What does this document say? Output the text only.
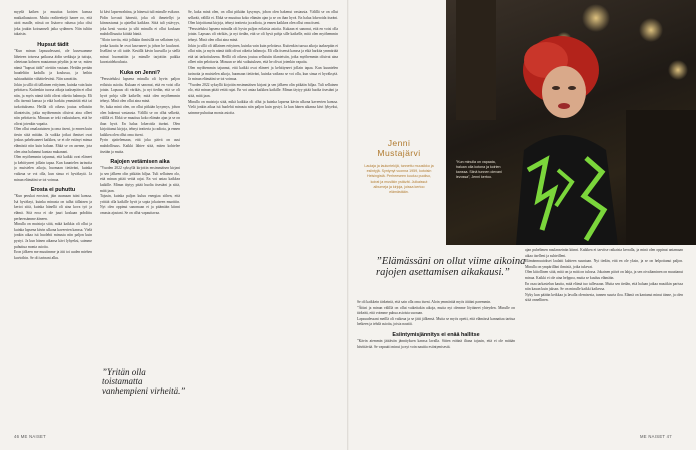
myydä kaiken ja muuttaa koirien kanssa matkailuautoon. Mutta realiteettejä hanee oo, että aioit maalle, niissä on lisäarvo rahassa joka olisi joka joukin koiraanseli jatka sydämen. Niin tultiin takaisin.

Hupsut tädit

”Kun minun lapsuudessani, ole kusessamme läheteen toisessa paikassa äidin serkkuja ja tuttuja, oletetaan kolmen muutaman pöydän ja ne se, miten nämä ”hupsut tädit” otettiin vastaan. Heidän perään huudeltiin kadulla ja koulussa, ja heihin suhtauduttiin vähättelevästi. Niin sanottiin.

Jokin ja sillä oli tällainen erityinen, kuinka vain kuin pelottava. Kuitenkin tuossa aikoja taaksepäin ei ollut niin, ja myös nämä tädit olivat oikeita hahmoja. Eli olla itsensä kanssa ja eikä harkita ymmärtää että tai tarkoituksena. Heillä oli oikeus joutua sellaisiin tilanteisiin, jotka myöhemmin olisivat aina olleet niin pelottavia. Minuun se teki vaikutuksen, että he olivat jotenkin vapaita.

Olen ollut omalaatuinen ja oma itseni, jo ennen kuin tiesin siitä mitään. Ja vaikka jotkut ihmiset ovat joskus paheksuneet kaikkea, se ei ole estänyt minua elämästä niin kuin haluan. Ehkä se on asenne, jota olen aina halunnut kantaa mukanani.

Olen myöhemmin tajunnut, että kaikki ovat eläneet ja kehittyneet jollain tapaa. Kun kuuntelen tarinoita ja muistelen aikoja, huomaan tietäväni, kuinka vaikeaa se voi olla, kun sinua ei hyväksytä. Ja minun elämääni se toi voimaa.

Erosta ei puhuttu

”Kun perukat erosivat, jäin asumaan isäni kanssa. Isä hyväksyi, kuinka minusta on tullut tällainen ja kertoi siitä, kuinka hänellä oli aina kova työ ja elämä. Sitä eroa ei ole juuri koskaan pohdittu perheessämme ääneen.

Minulla on muistoja siitä, mikä kaikkia oli ollut ja kuinka lapsena kävin ulkona kaveerien kanssa. Vielä jonkin aikaa isä huolehti minusta niin paljon kuin pystyi. Ja kun hänen aikansa kävi lyhyeksi, saimme puhuttua monia asioita.

Eron jälkeen me muutimme ja äiti toi uuden miehen kuvioihin. Se oli tarinani alku.

ki kävi lapsenvahtina, ja hänessä tuli minulle esikuva. Pidin kovasti hänestä, joka oli ihmetellyt ja kiinnostunut ja ajatellut kaikkea. Siitä tuli ystävyys, joka kesti vuosia ja silti minulla ei ollut koskaan mahdollisuutta kiittää häntä.

”Aloin tarvita, että jollakin ihmisillä on sellainen työ, jonka kautta he ovat kasvaneet ja johon he kuuluvat. Itselläni se oli taide. Kesällä kävin kurssilla ja siellä minut huomattiin ja minulle tarjottiin paikka kuvataidekoulusta.

Kuka on Jenni?

”Perusteluksi lapsena minulla oli hyvin paljon erilaisia asioita. Kukaan ei sanonut, että en voisi olla jotain. Lapsuus oli värikäs, ja nyt tiedän, että se oli hyvä pohja sille kaikelle, mitä olen myöhemmin tehnyt. Minä olen ollut aina minä.

Se, kuka minä olen, on ollut pitkään kysymys, johon olen hakenut vastausta. Välillä se on ollut selkeää, välillä ei. Ehkä se muuttuu koko elämän ajan ja se on ihan hyvä. En halua lokeroida itseäni. Olen kirjoittanut kirjoja, tehnyt teatteria ja radiota, ja ennen kaikkea olen ollut oma itseni.

Pyrin ajattelemaan, että joka päivä on uusi mahdollisuus. Kaikki lähtee siitä, miten kohtelee itseään ja muita.

Rajojen vetämisen aika

”Vuoden 2022 syksyllä kirjoitin ensimmäisen kirjani ja sen jälkeen olin pitkään hiljaa. Tuli sellainen olo, että minun pitää vetää rajat. En voi antaa kaikkea kaikille. Minun täytyy pitää huolta itsestäni ja siitä, mitä jaan.

Tajusin, kuinka paljon kuluu energiaa siihen, että yrittää olla kaikille hyvä ja sopia jokaiseen muottiin. Nyt olen oppinut sanomaan ei ja pitämään kiinni omasta ajastani. Se on ollut vapauttavaa.

Se, kuka minä olen, on ollut pitkään kysymys, johon olen hakenut vastausta. Välillä se on ollut selkeää, välillä ei. Ehkä se muuttuu koko elämän ajan ja se on ihan hyvä. En halua lokeroida itseäni. Olen kirjoittanut kirjoja, tehnyt teatteria ja radiota, ja ennen kaikkea olen ollut oma itseni.

”Perusteluksi lapsena minulla oli hyvin paljon erilaisia asioita. Kukaan ei sanonut, että en voisi olla jotain. Lapsuus oli värikäs, ja nyt tiedän, että se oli hyvä pohja sille kaikelle, mitä olen myöhemmin tehnyt. Minä olen ollut aina minä.

Jokin ja sillä oli tällainen erityinen, kuinka vain kuin pelottava. Kuitenkin tuossa aikoja taaksepäin ei ollut niin, ja myös nämä tädit olivat oikeita hahmoja. Eli olla itsensä kanssa ja eikä harkita ymmärtää että tai tarkoituksena. Heillä oli oikeus joutua sellaisiin tilanteisiin, jotka myöhemmin olisivat aina olleet niin pelottavia. Minuun se teki vaikutuksen, että he olivat jotenkin vapaita.

Olen myöhemmin tajunnut, että kaikki ovat eläneet ja kehittyneet jollain tapaa. Kun kuuntelen tarinoita ja muistelen aikoja, huomaan tietäväni, kuinka vaikeaa se voi olla, kun sinua ei hyväksytä. Ja minun elämääni se toi voimaa.

”Vuoden 2022 syksyllä kirjoitin ensimmäisen kirjani ja sen jälkeen olin pitkään hiljaa. Tuli sellainen olo, että minun pitää vetää rajat. En voi antaa kaikkea kaikille. Minun täytyy pitää huolta itsestäni ja siitä, mitä jaan.

Minulla on muistoja siitä, mikä kaikkia oli ollut ja kuinka lapsena kävin ulkona kaveerien kanssa. Vielä jonkin aikaa isä huolehti minusta niin paljon kuin pystyi. Ja kun hänen aikansa kävi lyhyeksi, saimme puhuttua monia asioita.

”Yritän olla toistamatta vanhempieni virheitä.”
46 ME NAISET
Jenni
Mustajärvi

Laulaja ja lauluntekijä, tunnettu muusikko ja esiintyjä. Syntynyt vuonna 1959, kotoisin Helsingistä. Perheeseen kuuluu puoliso, koirat ja musiikin ystävät. Julkaissut albumeja ja kirjoja, joissa kertoo elämästään.

”Kun minulla on vapaata, haluan olla kotona ja koirien kanssa. Siinä tunnen olevani levossa”, Jenni kertoo.
”Elämässäni on ollut viime aikoina rajojen asettamisen aikakausi.”

Se oli kaikkein tärkeintä, että sain olla oma itseni. Aloin ymmärtää myös äitiäni paremmin.

”Äitini ja minun välillä on ollut vaikeitakin aikoja, mutta nyt olemme löytäneet yhteyden. Minulle on tärkeää, että voimme puhua asioista suoraan.

Lapsuudessani meillä oli vaikeaa ja se jätti jälkensä. Mutta se myös opetti, että elämässä kannattaa tarttua hetkeen ja tehdä asioita, joista nauttii.

Esiintymisjännitys ei enää hallitse

”Kävin aiemmin jäätävän jännityksen kanssa lavalla. Sitten eräänä iltana tajusin, että ei ole mitään hävittävää. Se vapautti minut ja nyt voin nauttia esiintymisestä.

ajan puhelimen naulanseinän kiinni. Kaikkea ei tarvitse ratkaista kerralla, ja minä olen oppinut antamaan aikaa itselleni ja suhteilleni.

Elämänmuutokset laulatti kahteen suuntaan. Nyt tiedän, että en ole yksin, ja se on helpottanut paljon. Minulla on ympärilläni ihmisiä, jotka tukevat.

Olen kiitollinen siitä, mitä on ja mitä on tulossa. Jokainen päivä on lahja, ja sen oivaltaminen on muuttanut minua. Kaikki ei ole aina helppoa, mutta se kuuluu elämään.

En osaa tarkastelun kautta, mitä elämä tuo tullessaan. Mutta sen tiedän, että haluan jatkaa musiikin parissa niin kauan kuin jaksan. Se on minulle kaikki kaikessa.

Nyky kun päätän keikkaa ja lavalla olemisesta, tunnen suurta iloa. Elämä on kantanut minut tänne, ja olen siitä onnellinen.

ME NAISET 47
